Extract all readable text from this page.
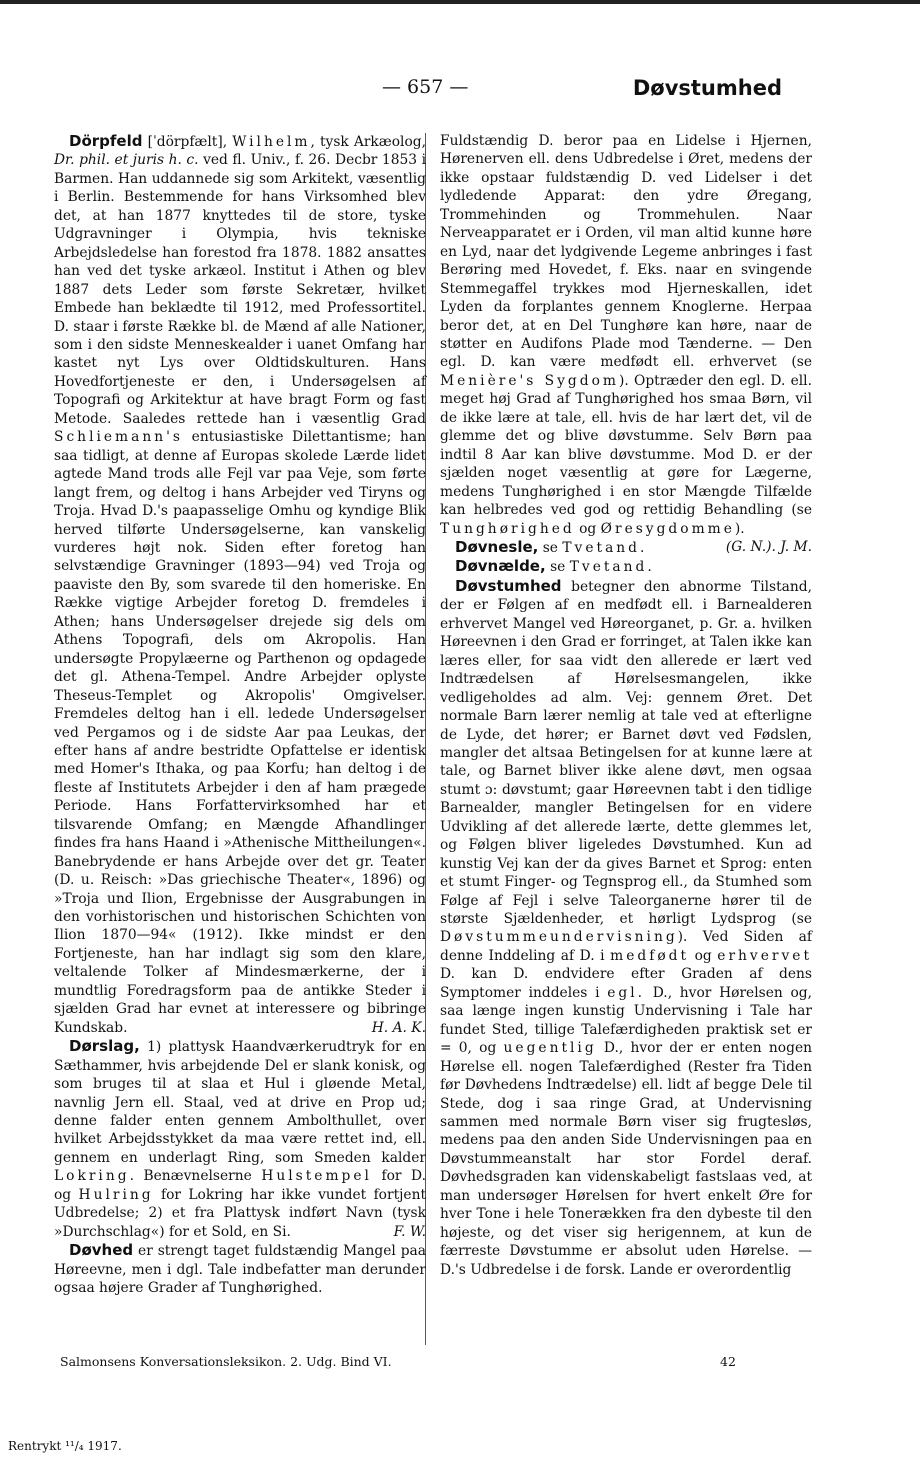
— 657 —	Døvstumhed

Dörpfeld [ˈdörpfælt], Wilhelm, tysk Arkæolog, Dr. phil. et juris h. c. ved fl. Univ., f. 26. Decbr 1853 i Barmen. Han uddannede sig som Arkitekt, væsentlig i Berlin. Bestemmende for hans Virksomhed blev det, at han 1877 knyttedes til de store, tyske Udgravninger i Olympia, hvis tekniske Arbejdsledelse han forestod fra 1878. 1882 ansattes han ved det tyske arkæol. Institut i Athen og blev 1887 dets Leder som første Sekretær, hvilket Embede han beklædte til 1912, med Professortitel. D. staar i første Række bl. de Mænd af alle Nationer, som i den sidste Menneskealder i uanet Omfang har kastet nyt Lys over Oldtidskulturen. Hans Hovedfortjeneste er den, i Undersøgelsen af Topografi og Arkitektur at have bragt Form og fast Metode. Saaledes rettede han i væsentlig Grad Schliemann's entusiastiske Dilettantisme; han saa tidligt, at denne af Europas skolede Lærde lidet agtede Mand trods alle Fejl var paa Veje, som førte langt frem, og deltog i hans Arbejder ved Tiryns og Troja. Hvad D.'s paapasselige Omhu og kyndige Blik herved tilførte Undersøgelserne, kan vanskelig vurderes højt nok. Siden efter foretog han selvstændige Gravninger (1893—94) ved Troja og paaviste den By, som svarede til den homeriske. En Række vigtige Arbejder foretog D. fremdeles i Athen; hans Undersøgelser drejede sig dels om Athens Topografi, dels om Akropolis. Han undersøgte Propylæerne og Parthenon og opdagede det gl. Athena-Tempel. Andre Arbejder oplyste Theseus-Templet og Akropolis' Omgivelser. Fremdeles deltog han i ell. ledede Undersøgelser ved Pergamos og i de sidste Aar paa Leukas, der efter hans af andre bestridte Opfattelse er identisk med Homer's Ithaka, og paa Korfu; han deltog i de fleste af Institutets Arbejder i den af ham prægede Periode. Hans Forfattervirksomhed har et tilsvarende Omfang; en Mængde Afhandlinger findes fra hans Haand i »Athenische Mittheilungen«. Banebrydende er hans Arbejde over det gr. Teater (D. u. Reisch: »Das griechische Theater«, 1896) og »Troja und Ilion, Ergebnisse der Ausgrabungen in den vorhistorischen und historischen Schichten von Ilion 1870—94« (1912). Ikke mindst er den Fortjeneste, han har indlagt sig som den klare, veltalende Tolker af Mindesmærkerne, der i mundtlig Foredragsform paa de antikke Steder i sjælden Grad har evnet at interessere og bibringe Kundskab.	H. A. K.

Dørslag, 1) plattysk Haandværkerudtryk for en Sæthammer, hvis arbejdende Del er slank konisk, og som bruges til at slaa et Hul i gløende Metal, navnlig Jern ell. Staal, ved at drive en Prop ud; denne falder enten gennem Ambolthullet, over hvilket Arbejdsstykket da maa være rettet ind, ell. gennem en underlagt Ring, som Smeden kalder Lokring. Benævnelserne Hulstempel for D. og Hulring for Lokring har ikke vundet fortjent Udbredelse; 2) et fra Plattysk indført Navn (tysk »Durchschlag«) for et Sold, en Si.	F. W.

Døvhed er strengt taget fuldstændig Mangel paa Høreevne, men i dgl. Tale indbefatter man derunder ogsaa højere Grader af Tunghørighed.

Fuldstændig D. beror paa en Lidelse i Hjernen, Hørenerven ell. dens Udbredelse i Øret, medens der ikke opstaar fuldstændig D. ved Lidelser i det lydledende Apparat: den ydre Øregang, Trommehinden og Trommehulen. Naar Nerveapparatet er i Orden, vil man altid kunne høre en Lyd, naar det lydgivende Legeme anbringes i fast Berøring med Hovedet, f. Eks. naar en svingende Stemmegaffel trykkes mod Hjerneskallen, idet Lyden da forplantes gennem Knoglerne. Herpaa beror det, at en Del Tunghøre kan høre, naar de støtter en Audifons Plade mod Tænderne. — Den egl. D. kan være medfødt ell. erhvervet (se Menière's Sygdom). Optræder den egl. D. ell. meget høj Grad af Tunghørighed hos smaa Børn, vil de ikke lære at tale, ell. hvis de har lært det, vil de glemme det og blive døvstumme. Selv Børn paa indtil 8 Aar kan blive døvstumme. Mod D. er der sjælden noget væsentlig at gøre for Lægerne, medens Tunghørighed i en stor Mængde Tilfælde kan helbredes ved god og rettidig Behandling (se Tunghørighed og Øresygdomme).
(G. N.). J. M.

Døvnesle, se Tvetand.

Døvnælde, se Tvetand.

Døvstumhed betegner den abnorme Tilstand, der er Følgen af en medfødt ell. i Barnealderen erhvervet Mangel ved Høreorganet, p. Gr. a. hvilken Høreevnen i den Grad er forringet, at Talen ikke kan læres eller, for saa vidt den allerede er lært ved Indtrædelsen af Hørelsesmangelen, ikke vedligeholdes ad alm. Vej: gennem Øret. Det normale Barn lærer nemlig at tale ved at efterligne de Lyde, det hører; er Barnet døvt ved Fødslen, mangler det altsaa Betingelsen for at kunne lære at tale, og Barnet bliver ikke alene døvt, men ogsaa stumt ɔ: døvstumt; gaar Høreevnen tabt i den tidlige Barnealder, mangler Betingelsen for en videre Udvikling af det allerede lærte, dette glemmes let, og Følgen bliver ligeledes Døvstumhed. Kun ad kunstig Vej kan der da gives Barnet et Sprog: enten et stumt Finger- og Tegnsprog ell., da Stumhed som Følge af Fejl i selve Taleorganerne hører til de største Sjældenheder, et hørligt Lydsprog (se Døvstummeundervisning). Ved Siden af denne Inddeling af D. i medfødt og erhvervet D. kan D. endvidere efter Graden af dens Symptomer inddeles i egl. D., hvor Hørelsen og, saa længe ingen kunstig Undervisning i Tale har fundet Sted, tillige Talefærdigheden praktisk set er = 0, og uegentlig D., hvor der er enten nogen Hørelse ell. nogen Talefærdighed (Rester fra Tiden før Døvhedens Indtrædelse) ell. lidt af begge Dele til Stede, dog i saa ringe Grad, at Undervisning sammen med normale Børn viser sig frugtesløs, medens paa den anden Side Undervisningen paa en Døvstummeanstalt har stor Fordel deraf. Døvhedsgraden kan videnskabeligt fastslaas ved, at man undersøger Hørelsen for hvert enkelt Øre for hver Tone i hele Tonerækken fra den dybeste til den højeste, og det viser sig herigennem, at kun de færreste Døvstumme er absolut uden Hørelse. — D.'s Udbredelse i de forsk. Lande er overordentlig

Salmonsens Konversationsleksikon. 2. Udg. Bind VI.	42
Rentrykt ¹¹/₄ 1917.
